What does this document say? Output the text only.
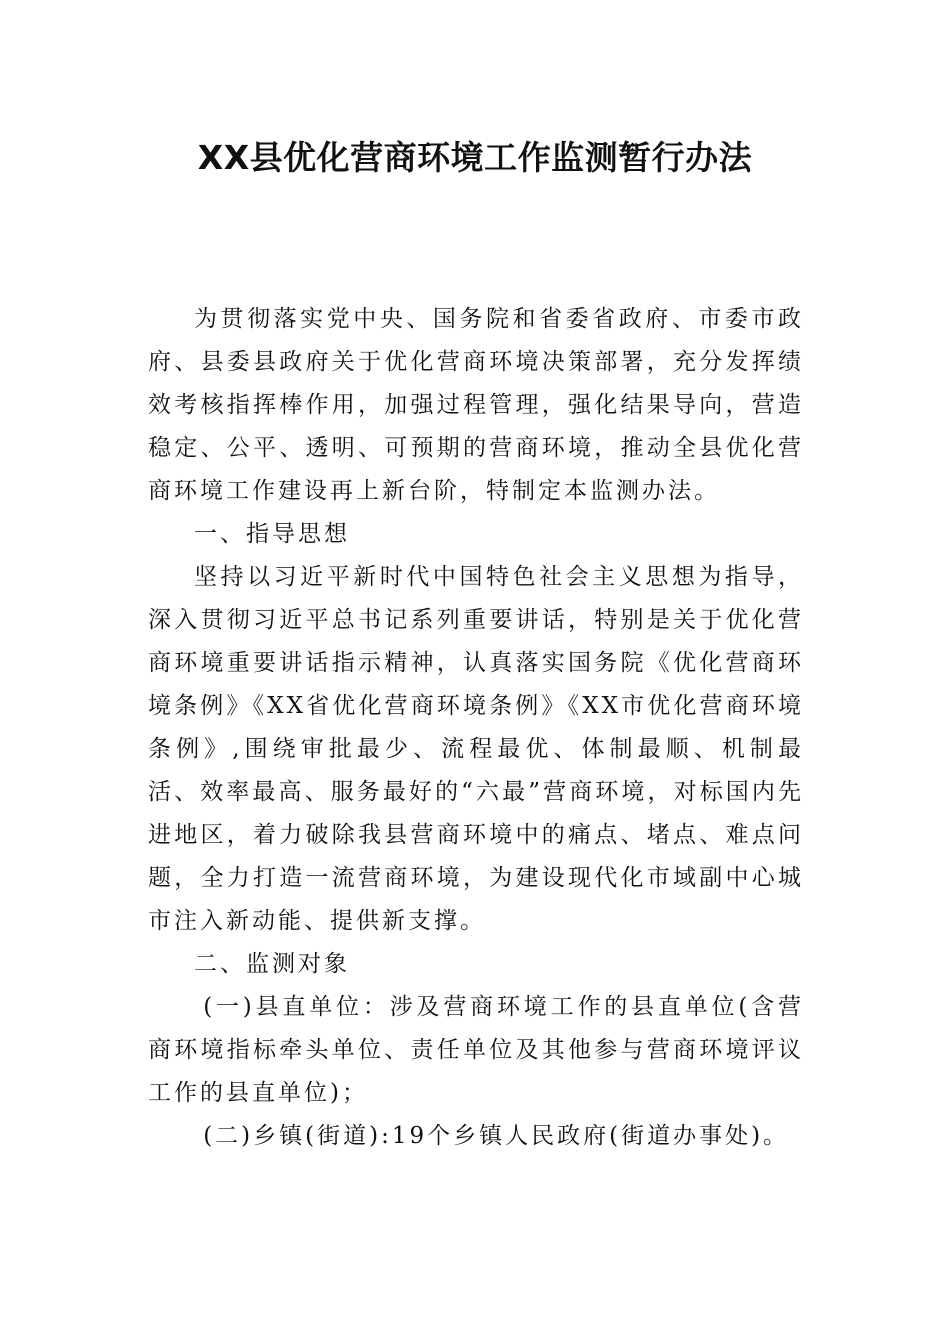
XX县优化营商环境工作监测暂行办法

为贯彻落实党中央、国务院和省委省政府、市委市政府、县委县政府关于优化营商环境决策部署，充分发挥绩效考核指挥棒作用，加强过程管理，强化结果导向，营造稳定、公平、透明、可预期的营商环境，推动全县优化营商环境工作建设再上新台阶，特制定本监测办法。

一、指导思想

坚持以习近平新时代中国特色社会主义思想为指导，深入贯彻习近平总书记系列重要讲话，特别是关于优化营商环境重要讲话指示精神，认真落实国务院《优化营商环境条例》《XX省优化营商环境条例》《XX市优化营商环境条例》,围绕审批最少、流程最优、体制最顺、机制最活、效率最高、服务最好的“六最”营商环境，对标国内先进地区，着力破除我县营商环境中的痛点、堵点、难点问题，全力打造一流营商环境，为建设现代化市域副中心城市注入新动能、提供新支撑。

二、监测对象

(一)县直单位：涉及营商环境工作的县直单位(含营商环境指标牵头单位、责任单位及其他参与营商环境评议工作的县直单位)；

(二)乡镇(街道):19个乡镇人民政府(街道办事处)。
